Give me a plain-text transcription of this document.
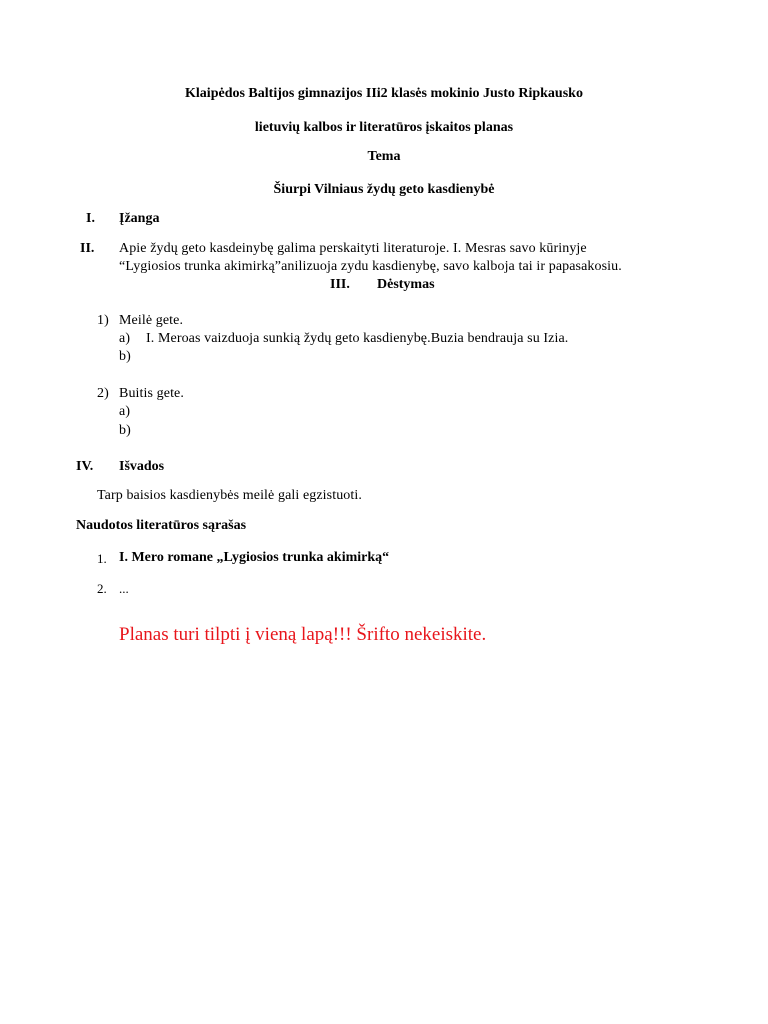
Klaipėdos Baltijos gimnazijos IIi2 klasės mokinio Justo Ripkausko
lietuvių kalbos ir literatūros įskaitos planas
Tema
Šiurpi Vilniaus žydų geto kasdienybė
I. Įžanga
II. Apie žydų geto kasdeinybę galima perskaityti literaturoje. I. Mesras savo kūrinyje
“Lygiosios trunka akimirką”anilizuoja zydu kasdienybę, savo kalboja tai ir papasakosiu.
III. Dėstymas
1) Meilė gete.
a) I. Meroas vaizduoja sunkią žydų geto kasdienybę.Buzia bendrauja su Izia.
b)
2) Buitis gete.
a)
b)
IV. Išvados
Tarp baisios kasdienybės meilė gali egzistuoti.
Naudotos literatūros sąrašas
1. I. Mero romane „Lygiosios trunka akimirką“
2. ...
Planas turi tilpti į vieną lapą!!! Šrifto nekeiskite.
